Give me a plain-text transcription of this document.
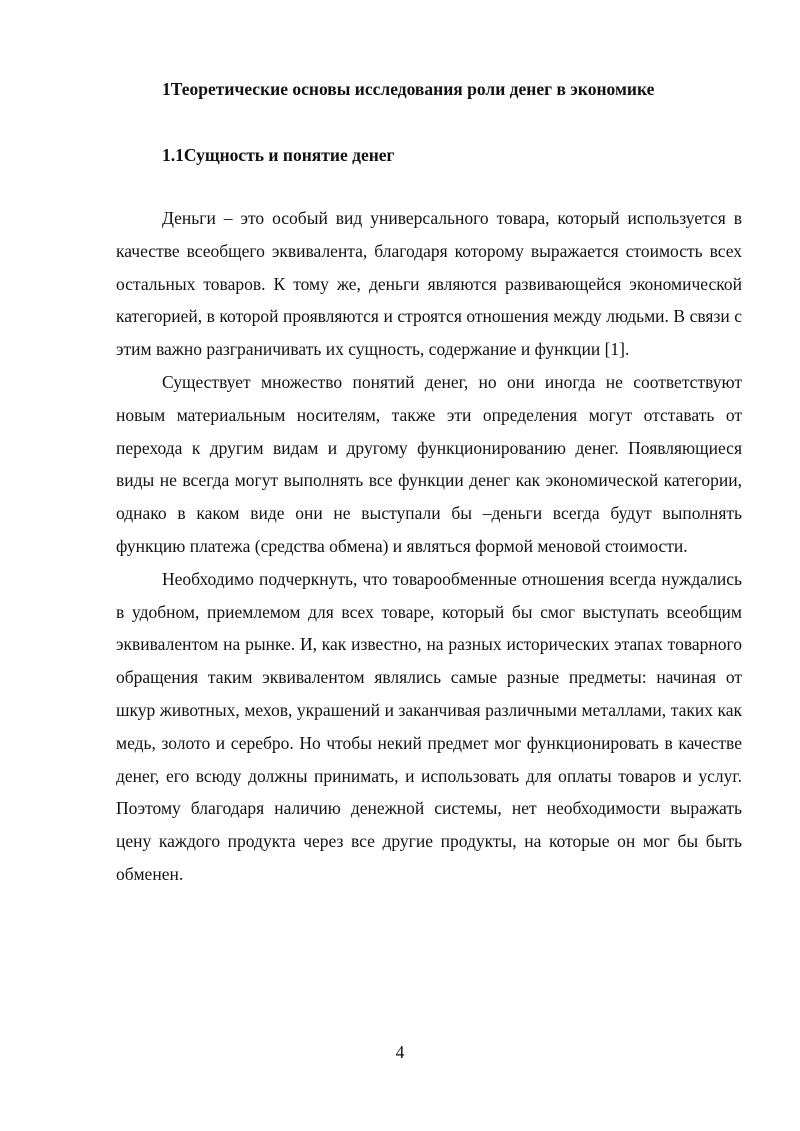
1Теоретические основы исследования роли денег в экономике
1.1Сущность и понятие денег

Деньги – это особый вид универсального товара, который используется в качестве всеобщего эквивалента, благодаря которому выражается стоимость всех остальных товаров. К тому же, деньги являются развивающейся экономической категорией, в которой проявляются и строятся отношения между людьми. В связи с этим важно разграничивать их сущность, содержание и функции [1].

Существует множество понятий денег, но они иногда не соответствуют новым материальным носителям, также эти определения могут отставать от перехода к другим видам и другому функционированию денег. Появляющиеся виды не всегда могут выполнять все функции денег как экономической категории, однако в каком виде они не выступали бы –деньги всегда будут выполнять функцию платежа (средства обмена) и являться формой меновой стоимости.

Необходимо подчеркнуть, что товарообменные отношения всегда нуждались в удобном, приемлемом для всех товаре, который бы смог выступать всеобщим эквивалентом на рынке. И, как известно, на разных исторических этапах товарного обращения таким эквивалентом являлись самые разные предметы: начиная от шкур животных, мехов, украшений и заканчивая различными металлами, таких как медь, золото и серебро. Но чтобы некий предмет мог функционировать в качестве денег, его всюду должны принимать, и использовать для оплаты товаров и услуг. Поэтому благодаря наличию денежной системы, нет необходимости выражать цену каждого продукта через все другие продукты, на которые он мог бы быть обменен.

4
